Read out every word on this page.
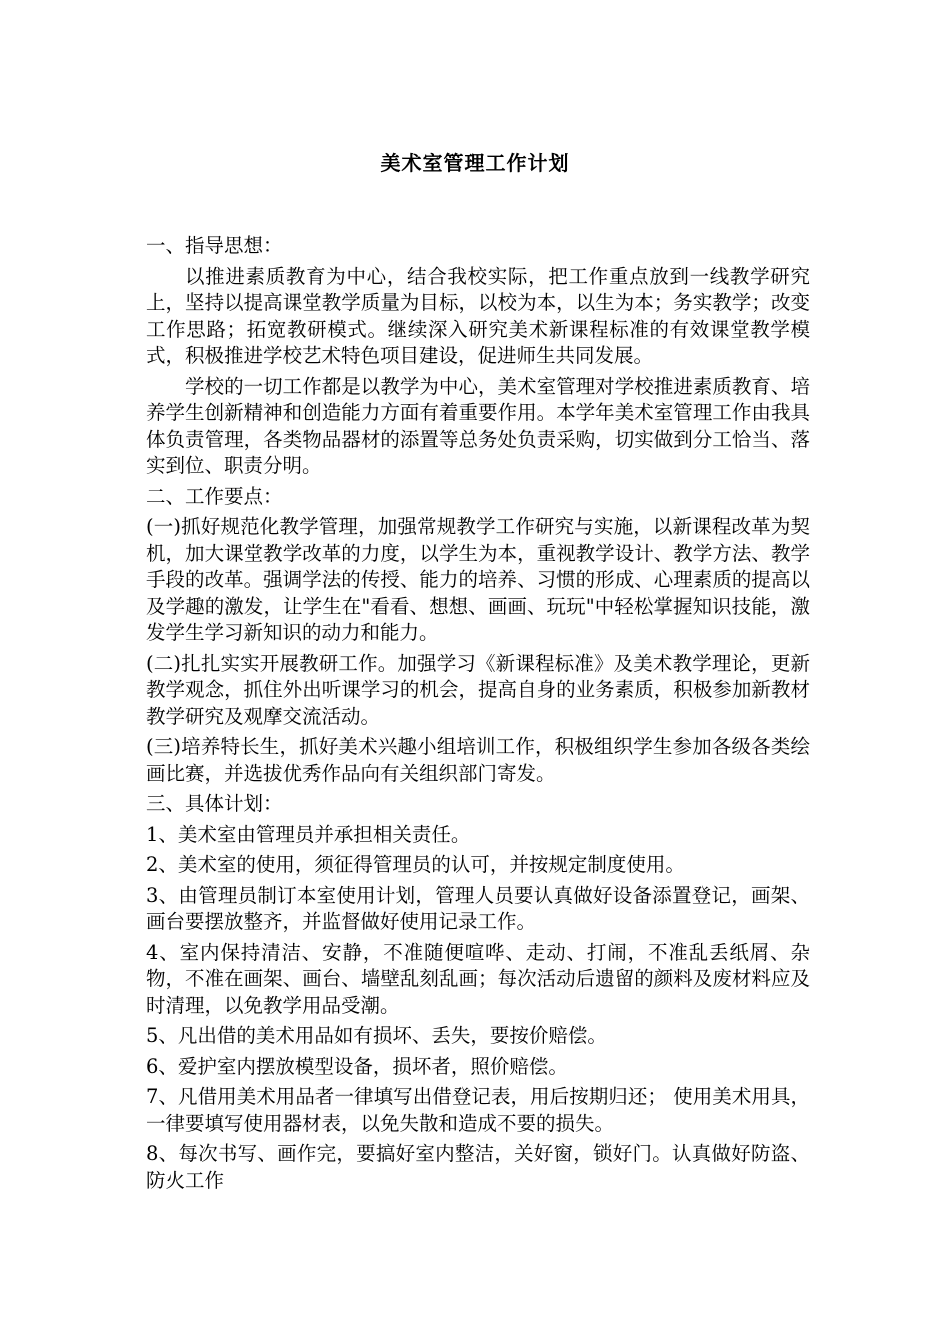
美术室管理工作计划

一、指导思想：

以推进素质教育为中心，结合我校实际，把工作重点放到一线教学研究上，坚持以提高课堂教学质量为目标，以校为本，以生为本；务实教学；改变工作思路；拓宽教研模式。继续深入研究美术新课程标准的有效课堂教学模式，积极推进学校艺术特色项目建设，促进师生共同发展。

学校的一切工作都是以教学为中心，美术室管理对学校推进素质教育、培养学生创新精神和创造能力方面有着重要作用。本学年美术室管理工作由我具体负责管理，各类物品器材的添置等总务处负责采购，切实做到分工恰当、落实到位、职责分明。

二、工作要点：

(一)抓好规范化教学管理，加强常规教学工作研究与实施，以新课程改革为契机，加大课堂教学改革的力度，以学生为本，重视教学设计、教学方法、教学手段的改革。强调学法的传授、能力的培养、习惯的形成、心理素质的提高以及学趣的激发，让学生在"看看、想想、画画、玩玩"中轻松掌握知识技能，激发学生学习新知识的动力和能力。

(二)扎扎实实开展教研工作。加强学习《新课程标准》及美术教学理论，更新教学观念，抓住外出听课学习的机会，提高自身的业务素质，积极参加新教材教学研究及观摩交流活动。

(三)培养特长生，抓好美术兴趣小组培训工作，积极组织学生参加各级各类绘画比赛，并选拔优秀作品向有关组织部门寄发。

三、具体计划：

1、美术室由管理员并承担相关责任。

2、美术室的使用，须征得管理员的认可，并按规定制度使用。

3、由管理员制订本室使用计划，管理人员要认真做好设备添置登记，画架、画台要摆放整齐，并监督做好使用记录工作。

4、室内保持清洁、安静，不准随便喧哗、走动、打闹，不准乱丢纸屑、杂物，不准在画架、画台、墙壁乱刻乱画；每次活动后遗留的颜料及废材料应及时清理，以免教学用品受潮。

5、凡出借的美术用品如有损坏、丢失，要按价赔偿。

6、爱护室内摆放模型设备，损坏者，照价赔偿。

7、凡借用美术用品者一律填写出借登记表，用后按期归还； 使用美术用具，一律要填写使用器材表，以免失散和造成不要的损失。

8、每次书写、画作完，要搞好室内整洁，关好窗，锁好门。认真做好防盗、防火工作
